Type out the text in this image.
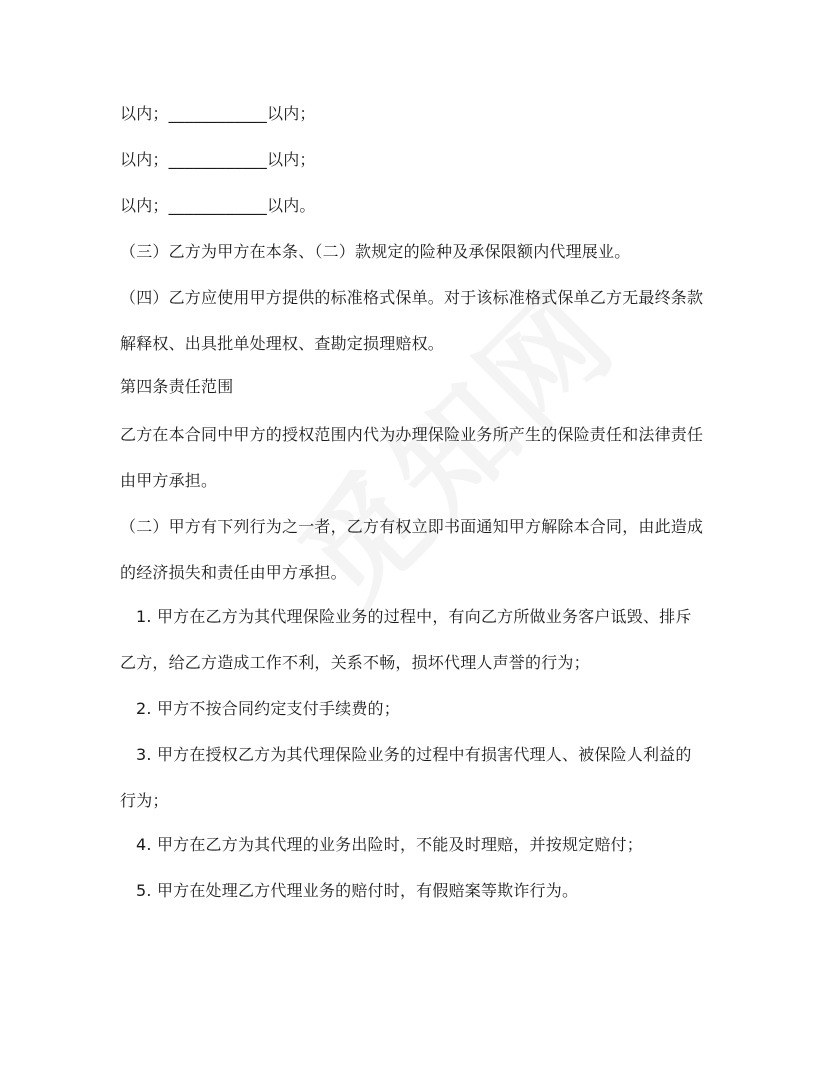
以内；____________以内；
以内；____________以内；
以内；____________以内。
（三）乙方为甲方在本条、（二）款规定的险种及承保限额内代理展业。
（四）乙方应使用甲方提供的标准格式保单。对于该标准格式保单乙方无最终条款
解释权、出具批单处理权、查勘定损理赔权。
第四条责任范围
乙方在本合同中甲方的授权范围内代为办理保险业务所产生的保险责任和法律责任
由甲方承担。
（二）甲方有下列行为之一者，乙方有权立即书面通知甲方解除本合同，由此造成
的经济损失和责任由甲方承担。
1. 甲方在乙方为其代理保险业务的过程中，有向乙方所做业务客户诋毁、排斥
乙方，给乙方造成工作不利，关系不畅，损坏代理人声誉的行为；
2. 甲方不按合同约定支付手续费的；
3. 甲方在授权乙方为其代理保险业务的过程中有损害代理人、被保险人利益的
行为；
4. 甲方在乙方为其代理的业务出险时，不能及时理赔，并按规定赔付；
5. 甲方在处理乙方代理业务的赔付时，有假赔案等欺诈行为。
